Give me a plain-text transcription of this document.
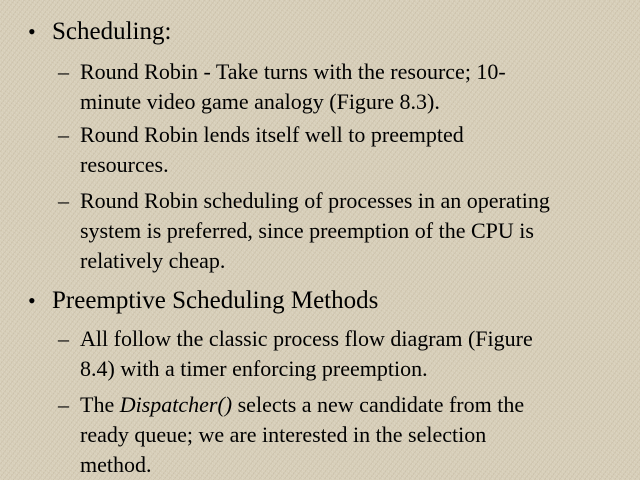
• Scheduling:
– Round Robin - Take turns with the resource; 10-
minute video game analogy (Figure 8.3).
– Round Robin lends itself well to preempted
resources.
– Round Robin scheduling of processes in an operating
system is preferred, since preemption of the CPU is
relatively cheap.
• Preemptive Scheduling Methods
– All follow the classic process flow diagram (Figure
8.4) with a timer enforcing preemption.
– The Dispatcher() selects a new candidate from the
ready queue; we are interested in the selection
method.
